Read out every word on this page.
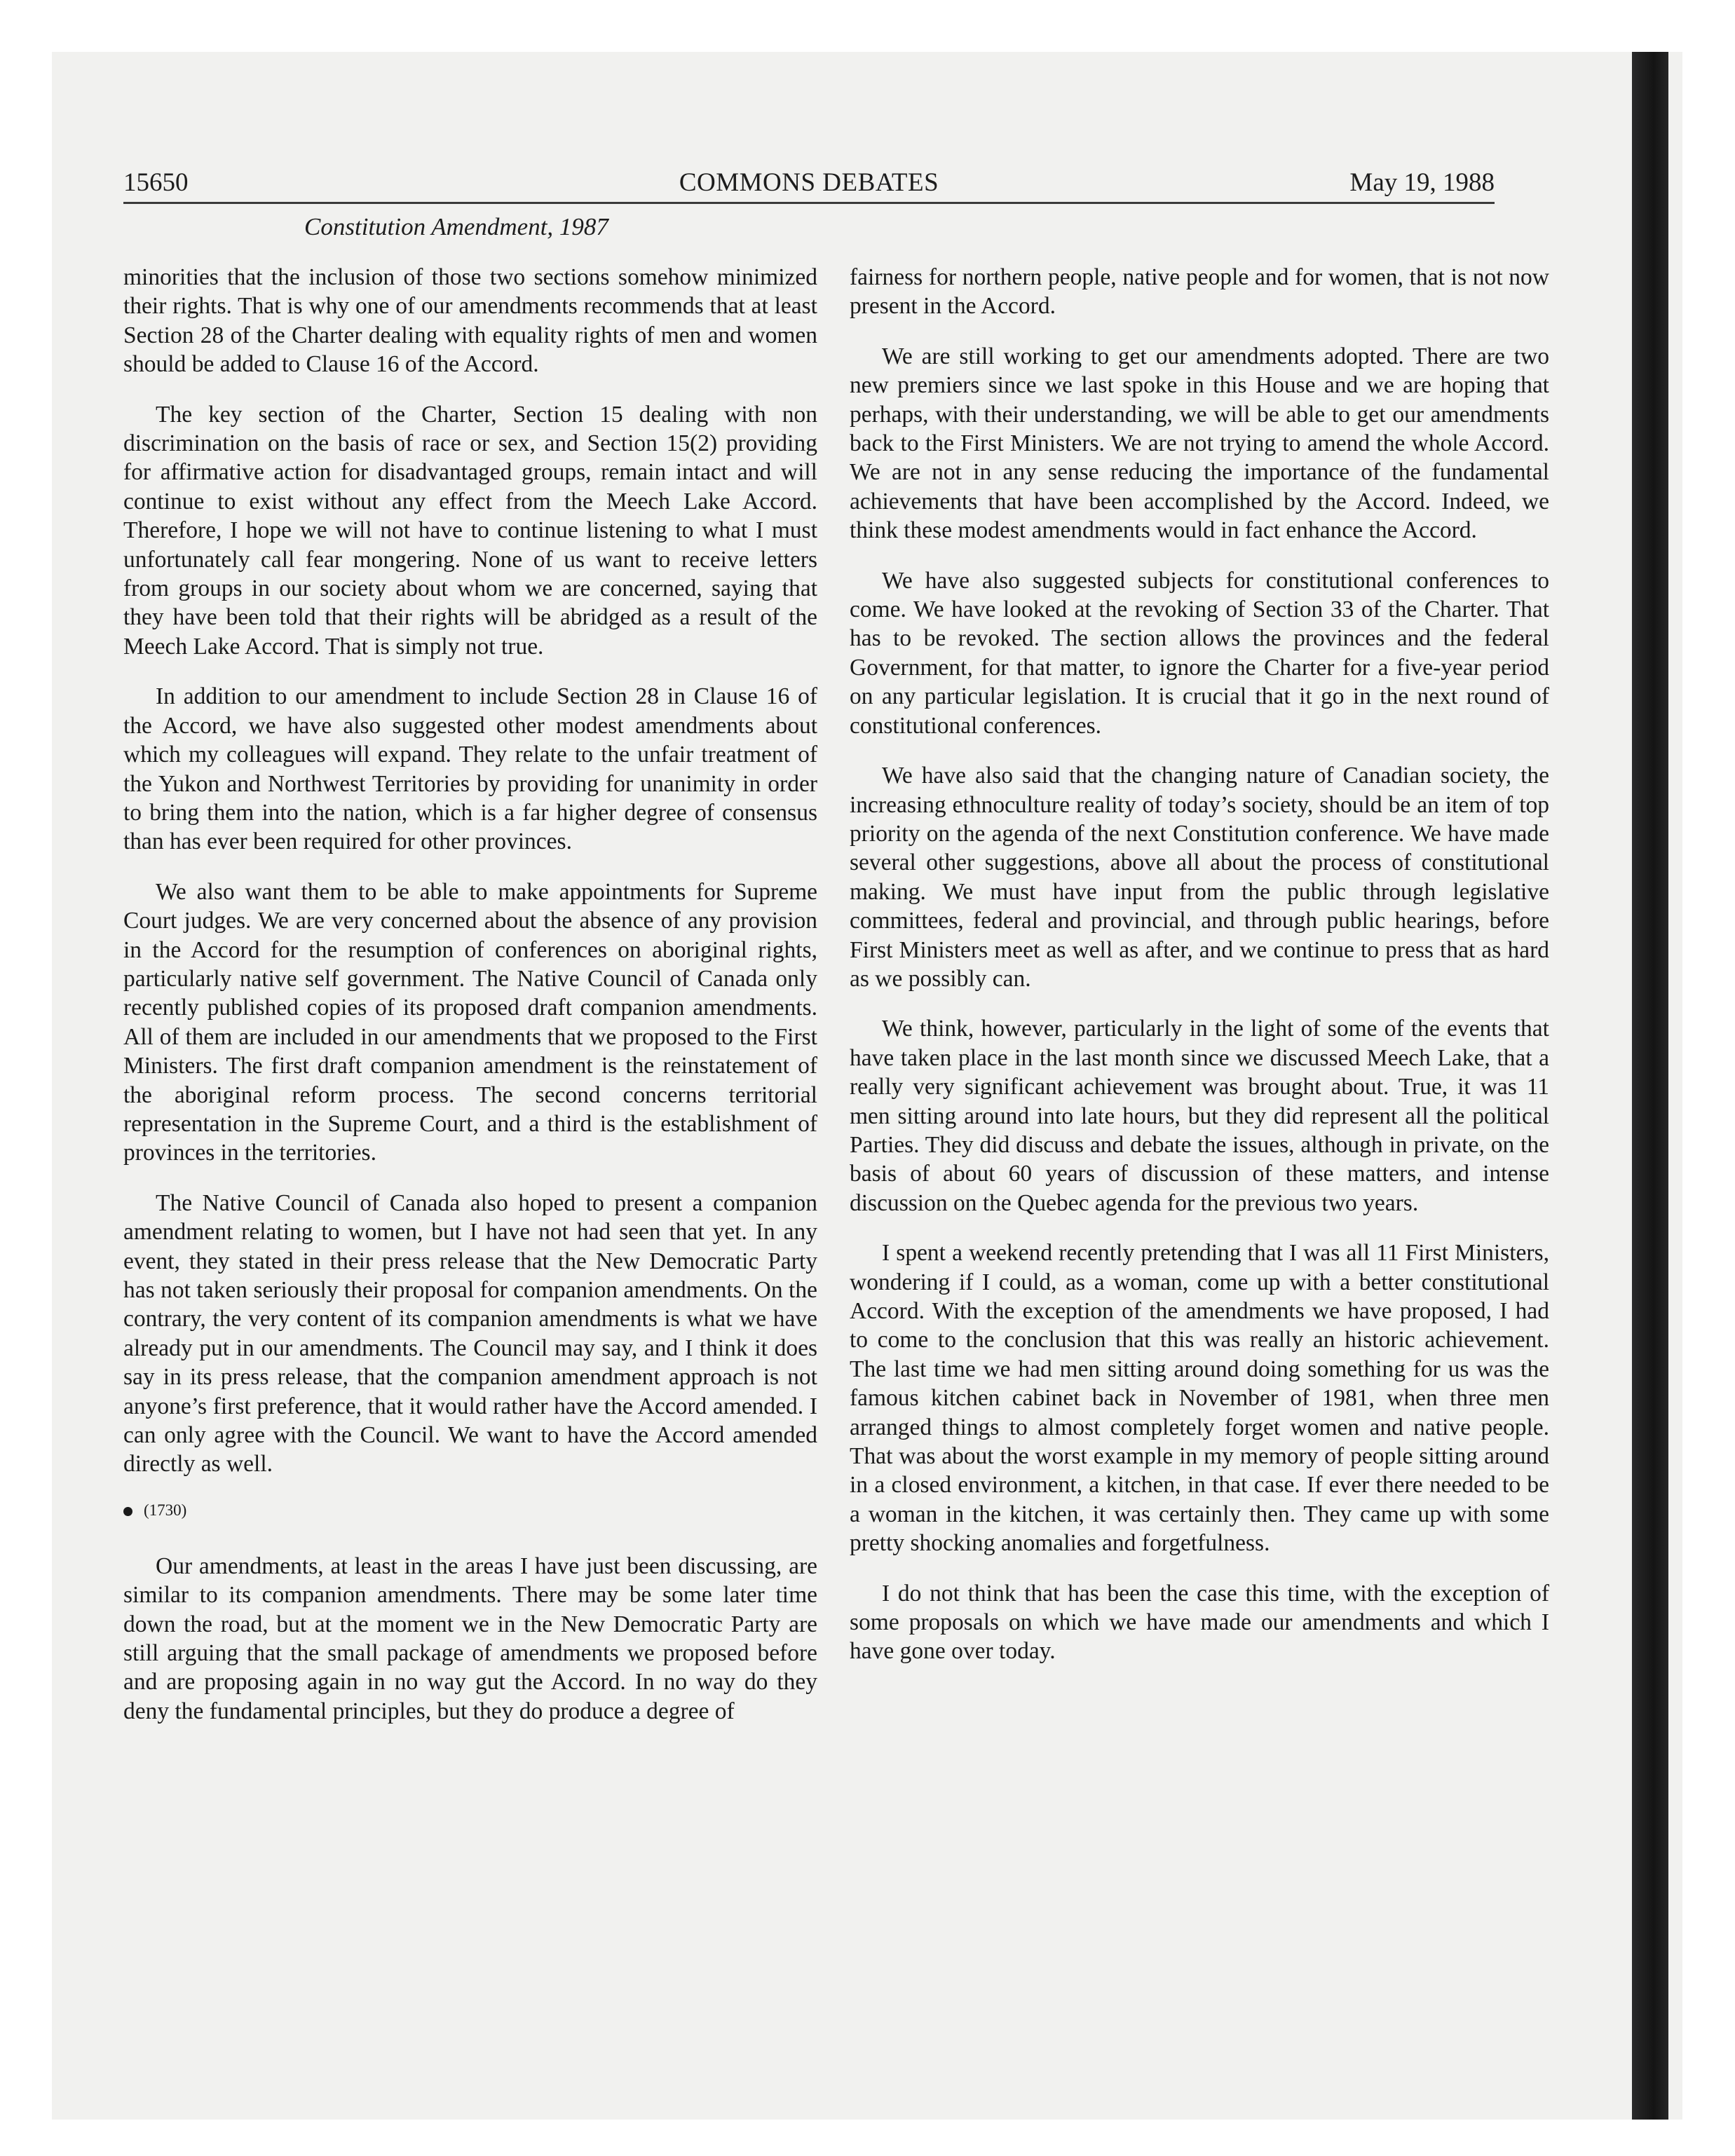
15650	COMMONS DEBATES	May 19, 1988
Constitution Amendment, 1987

minorities that the inclusion of those two sections somehow minimized their rights. That is why one of our amendments recommends that at least Section 28 of the Charter dealing with equality rights of men and women should be added to Clause 16 of the Accord.

The key section of the Charter, Section 15 dealing with non discrimination on the basis of race or sex, and Section 15(2) providing for affirmative action for disadvantaged groups, remain intact and will continue to exist without any effect from the Meech Lake Accord. Therefore, I hope we will not have to continue listening to what I must unfortunately call fear mongering. None of us want to receive letters from groups in our society about whom we are concerned, saying that they have been told that their rights will be abridged as a result of the Meech Lake Accord. That is simply not true.

In addition to our amendment to include Section 28 in Clause 16 of the Accord, we have also suggested other modest amendments about which my colleagues will expand. They relate to the unfair treatment of the Yukon and Northwest Territories by providing for unanimity in order to bring them into the nation, which is a far higher degree of consensus than has ever been required for other provinces.

We also want them to be able to make appointments for Supreme Court judges. We are very concerned about the absence of any provision in the Accord for the resumption of conferences on aboriginal rights, particularly native self government. The Native Council of Canada only recently published copies of its proposed draft companion amendments. All of them are included in our amendments that we proposed to the First Ministers. The first draft companion amendment is the reinstatement of the aboriginal reform process. The second concerns territorial representation in the Supreme Court, and a third is the establishment of provinces in the territories.

The Native Council of Canada also hoped to present a companion amendment relating to women, but I have not had seen that yet. In any event, they stated in their press release that the New Democratic Party has not taken seriously their proposal for companion amendments. On the contrary, the very content of its companion amendments is what we have already put in our amendments. The Council may say, and I think it does say in its press release, that the companion amendment approach is not anyone’s first preference, that it would rather have the Accord amended. I can only agree with the Council. We want to have the Accord amended directly as well.

(1730)

Our amendments, at least in the areas I have just been discussing, are similar to its companion amendments. There may be some later time down the road, but at the moment we in the New Democratic Party are still arguing that the small package of amendments we proposed before and are proposing again in no way gut the Accord. In no way do they deny the fundamental principles, but they do produce a degree of

fairness for northern people, native people and for women, that is not now present in the Accord.

We are still working to get our amendments adopted. There are two new premiers since we last spoke in this House and we are hoping that perhaps, with their understanding, we will be able to get our amendments back to the First Ministers. We are not trying to amend the whole Accord. We are not in any sense reducing the importance of the fundamental achievements that have been accomplished by the Accord. Indeed, we think these modest amendments would in fact enhance the Accord.

We have also suggested subjects for constitutional conferences to come. We have looked at the revoking of Section 33 of the Charter. That has to be revoked. The section allows the provinces and the federal Government, for that matter, to ignore the Charter for a five-year period on any particular legislation. It is crucial that it go in the next round of constitutional conferences.

We have also said that the changing nature of Canadian society, the increasing ethnoculture reality of today’s society, should be an item of top priority on the agenda of the next Constitution conference. We have made several other suggestions, above all about the process of constitutional making. We must have input from the public through legislative committees, federal and provincial, and through public hearings, before First Ministers meet as well as after, and we continue to press that as hard as we possibly can.

We think, however, particularly in the light of some of the events that have taken place in the last month since we discussed Meech Lake, that a really very significant achievement was brought about. True, it was 11 men sitting around into late hours, but they did represent all the political Parties. They did discuss and debate the issues, although in private, on the basis of about 60 years of discussion of these matters, and intense discussion on the Quebec agenda for the previous two years.

I spent a weekend recently pretending that I was all 11 First Ministers, wondering if I could, as a woman, come up with a better constitutional Accord. With the exception of the amendments we have proposed, I had to come to the conclusion that this was really an historic achievement. The last time we had men sitting around doing something for us was the famous kitchen cabinet back in November of 1981, when three men arranged things to almost completely forget women and native people. That was about the worst example in my memory of people sitting around in a closed environment, a kitchen, in that case. If ever there needed to be a woman in the kitchen, it was certainly then. They came up with some pretty shocking anomalies and forgetfulness.

I do not think that has been the case this time, with the exception of some proposals on which we have made our amendments and which I have gone over today.
